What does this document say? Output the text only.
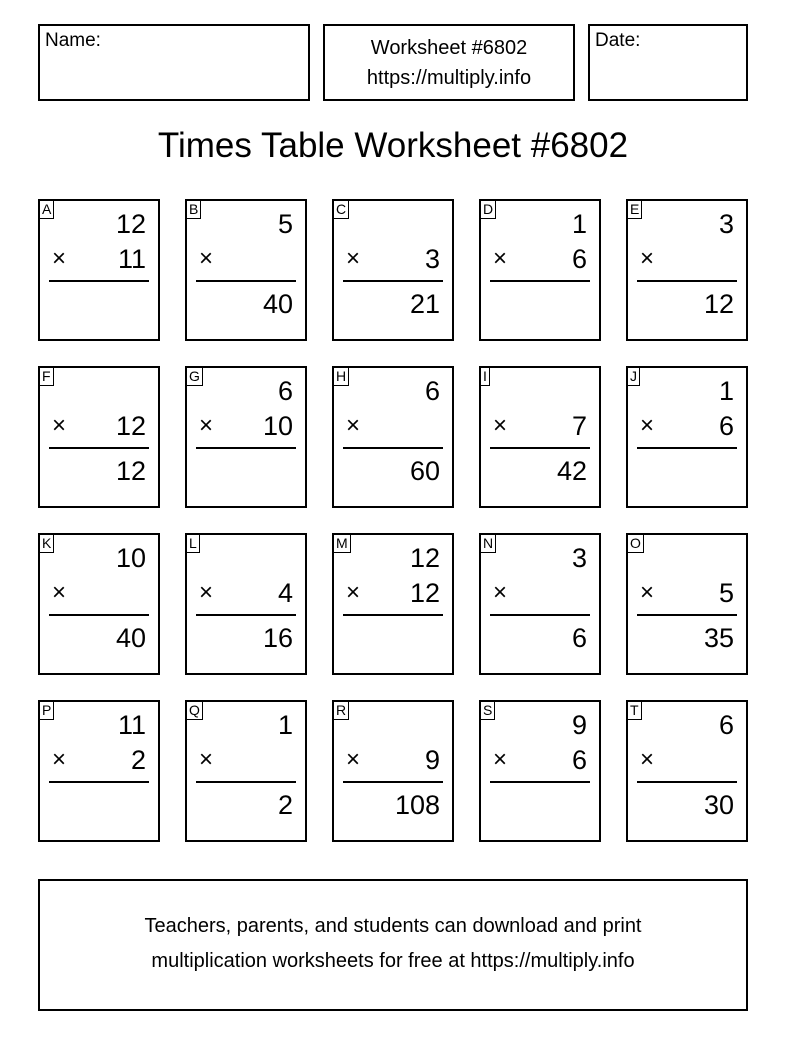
Name:	Worksheet #6802
https://multiply.info
Date:
Times Table Worksheet #6802
A 12
× 11
B	5
×
40
C
× 3
21
D	1
× 6
E	3
×
12
F
× 12
12
G	6
× 10
H	6
×
60
I
× 7
42
J	1
× 6
K 10
×
40
L
× 4
16
M 12
× 12
N	3
×
6
O
× 5
35
P 11
× 2
Q	1
×
2
R
× 9
108
S	9
× 6
T	6
×
30
Teachers, parents, and students can download and print
multiplication worksheets for free at https://multiply.info
